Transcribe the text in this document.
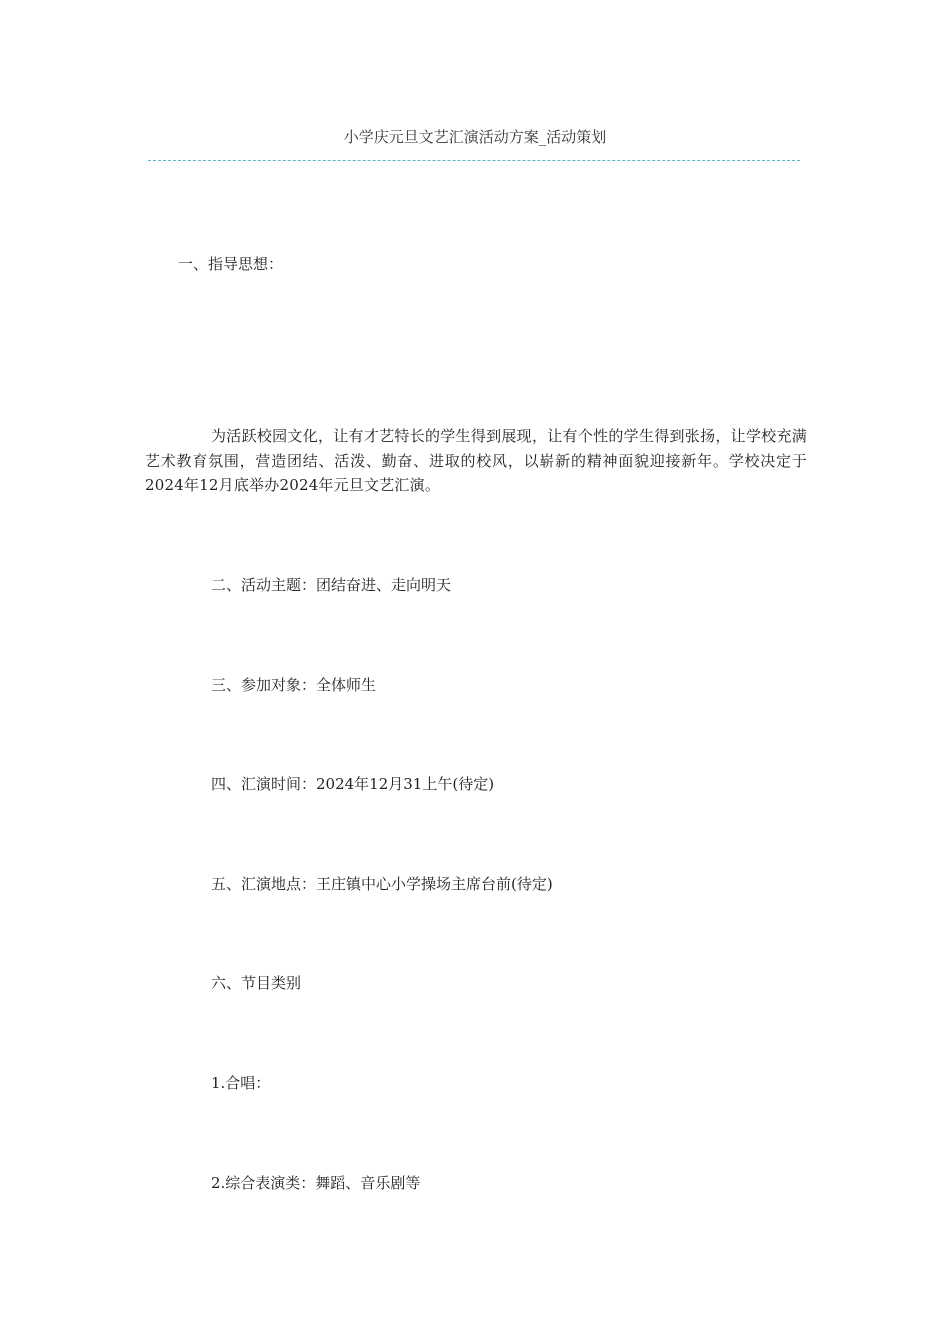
小学庆元旦文艺汇演活动方案_活动策划
一、指导思想：
为活跃校园文化，让有才艺特长的学生得到展现，让有个性的学生得到张扬，让学校充满艺术教育氛围，营造团结、活泼、勤奋、进取的校风，以崭新的精神面貌迎接新年。学校决定于2024年12月底举办2024年元旦文艺汇演。
二、活动主题：团结奋进、走向明天
三、参加对象：全体师生
四、汇演时间：2024年12月31上午(待定)
五、汇演地点：王庄镇中心小学操场主席台前(待定)
六、节目类别
1.合唱：
2.综合表演类：舞蹈、音乐剧等
